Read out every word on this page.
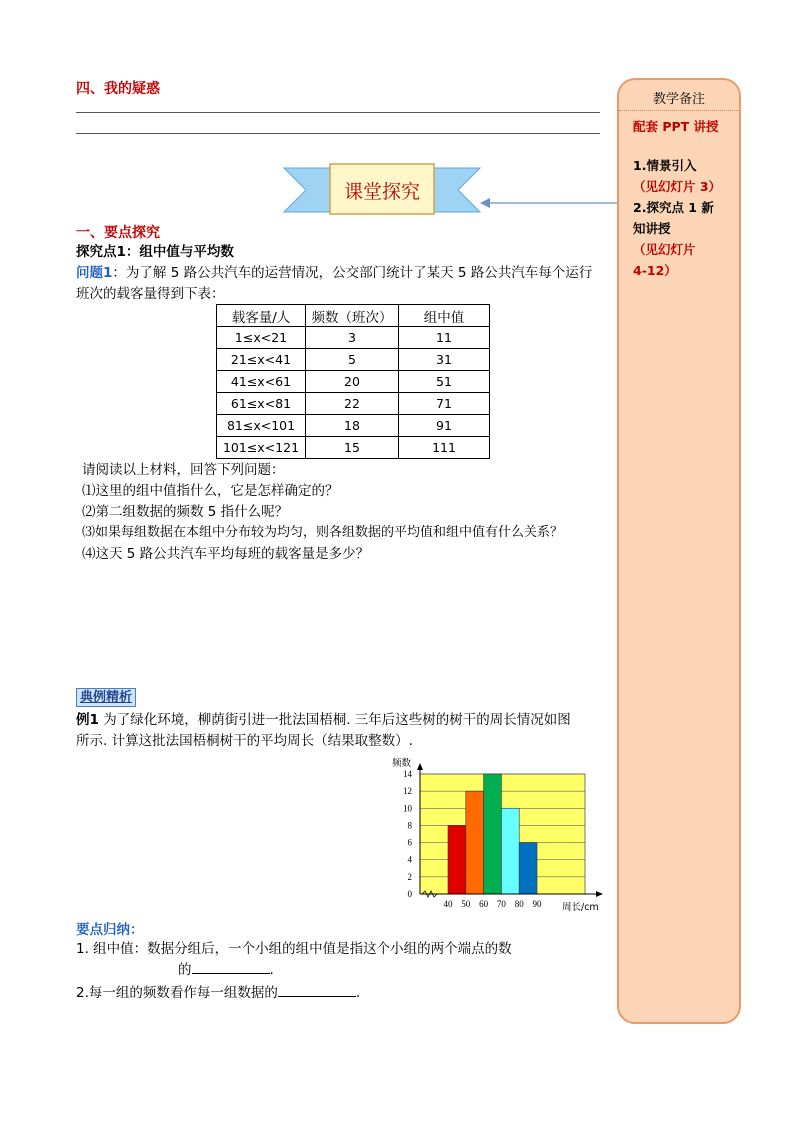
四、我的疑惑
课堂探究
教学备注
配套 PPT 讲授
1.情景引入
（见幻灯片 3）
2.探究点 1 新
知讲授
（见幻灯片
4-12）
一、要点探究
探究点1：组中值与平均数
问题1：为了解 5 路公共汽车的运营情况，公交部门统计了某天 5 路公共汽车每个运行
班次的载客量得到下表：
载客量/人	频数（班次）	组中值
1≤x<21	3	11
21≤x<41	5	31
41≤x<61	20	51
61≤x<81	22	71
81≤x<101	18	91
101≤x<121	15	111
请阅读以上材料，回答下列问题：
⑴这里的组中值指什么，它是怎样确定的？
⑵第二组数据的频数 5 指什么呢？
⑶如果每组数据在本组中分布较为均匀，则各组数据的平均值和组中值有什么关系？
⑷这天 5 路公共汽车平均每班的载客量是多少？
典例精析
例1 为了绿化环境，柳荫街引进一批法国梧桐. 三年后这些树的树干的周长情况如图
所示. 计算这批法国梧桐树干的平均周长（结果取整数）.
0
2
4
6
8
10
12
14
40 50 60 70 80 90
频数
周长/cm
要点归纳：
1. 组中值：数据分组后，一个小组的组中值是指这个小组的两个端点的数
的	.
2.每一组的频数看作每一组数据的	.
